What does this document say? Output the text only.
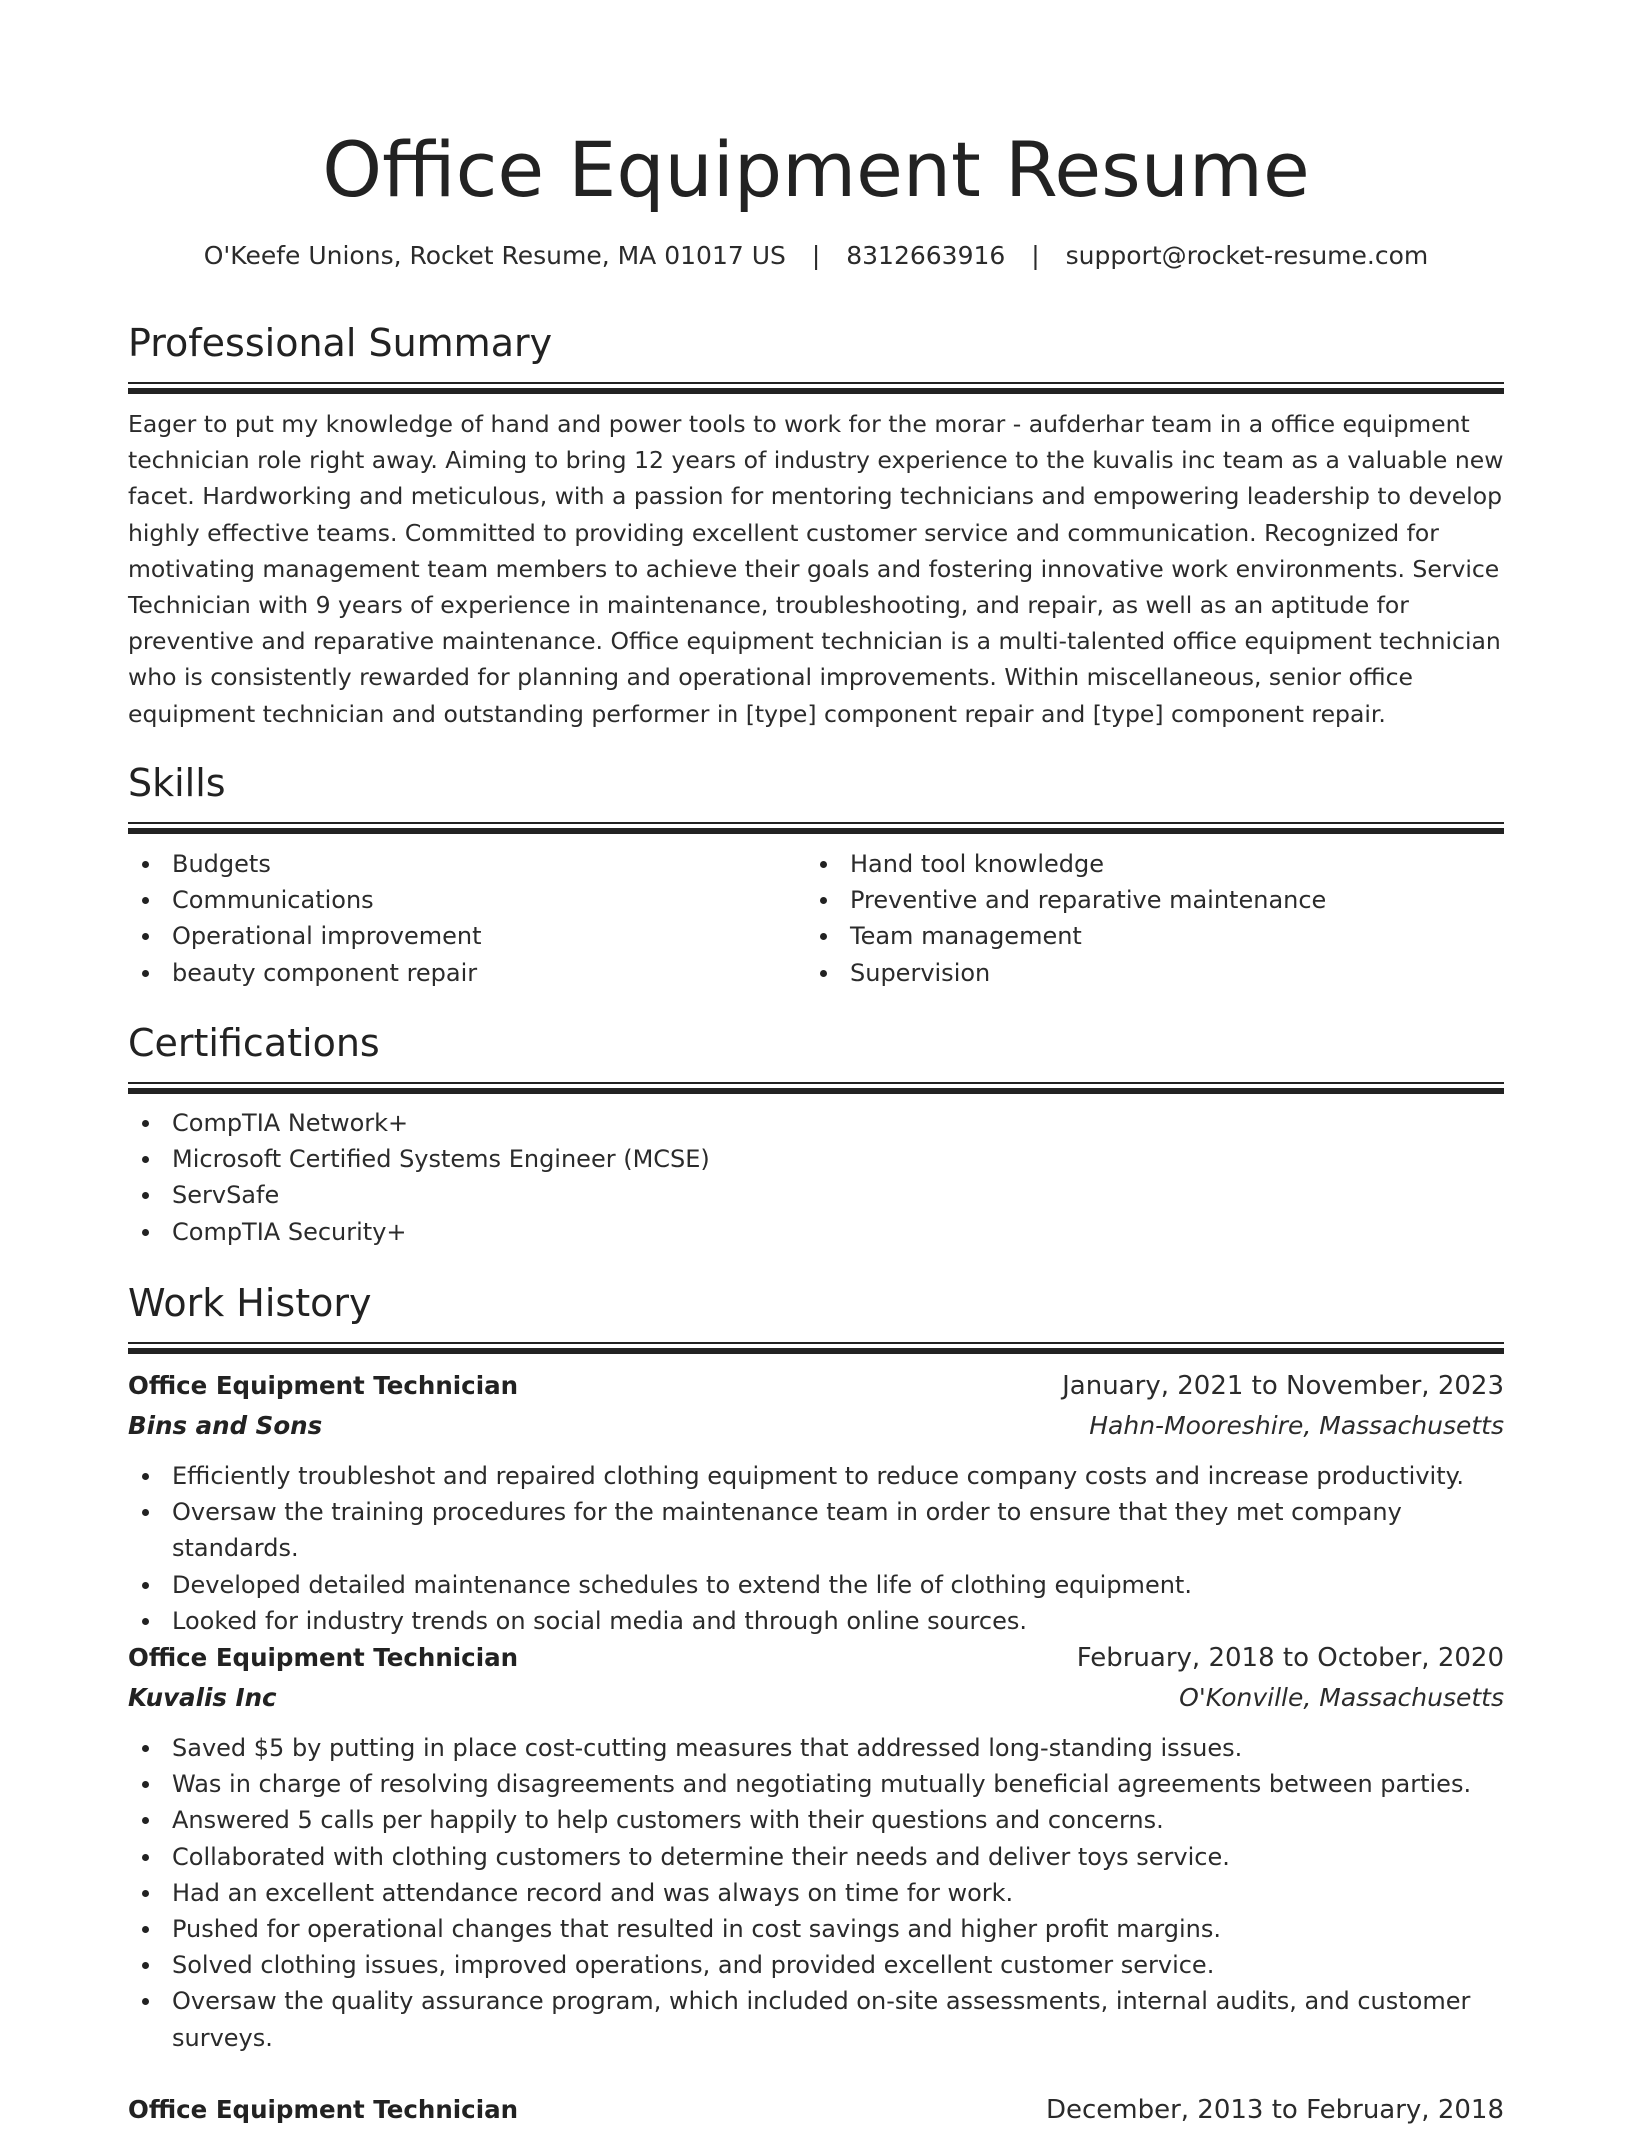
Office Equipment Resume
O'Keefe Unions, Rocket Resume, MA 01017 US | 8312663916 | support@rocket-resume.com
Professional Summary

Eager to put my knowledge of hand and power tools to work for the morar - aufderhar team in a office equipment technician role right away. Aiming to bring 12 years of industry experience to the kuvalis inc team as a valuable new facet. Hardworking and meticulous, with a passion for mentoring technicians and empowering leadership to develop highly effective teams. Committed to providing excellent customer service and communication. Recognized for motivating management team members to achieve their goals and fostering innovative work environments. Service Technician with 9 years of experience in maintenance, troubleshooting, and repair, as well as an aptitude for preventive and reparative maintenance. Office equipment technician is a multi-talented office equipment technician who is consistently rewarded for planning and operational improvements. Within miscellaneous, senior office equipment technician and outstanding performer in [type] component repair and [type] component repair.

Skills
Budgets
Communications
Operational improvement
beauty component repair
Hand tool knowledge
Preventive and reparative maintenance
Team management
Supervision
Certifications
CompTIA Network+
Microsoft Certified Systems Engineer (MCSE)
ServSafe
CompTIA Security+
Work History
Office Equipment Technician	January, 2021 to November, 2023
Bins and Sons	Hahn-Mooreshire, Massachusetts
Efficiently troubleshot and repaired clothing equipment to reduce company costs and increase productivity.
Oversaw the training procedures for the maintenance team in order to ensure that they met company standards.
Developed detailed maintenance schedules to extend the life of clothing equipment.
Looked for industry trends on social media and through online sources.
Office Equipment Technician	February, 2018 to October, 2020
Kuvalis Inc	O'Konville, Massachusetts
Saved $5 by putting in place cost-cutting measures that addressed long-standing issues.
Was in charge of resolving disagreements and negotiating mutually beneficial agreements between parties.
Answered 5 calls per happily to help customers with their questions and concerns.
Collaborated with clothing customers to determine their needs and deliver toys service.
Had an excellent attendance record and was always on time for work.
Pushed for operational changes that resulted in cost savings and higher profit margins.
Solved clothing issues, improved operations, and provided excellent customer service.
Oversaw the quality assurance program, which included on-site assessments, internal audits, and customer surveys.
Office Equipment Technician	December, 2013 to February, 2018
